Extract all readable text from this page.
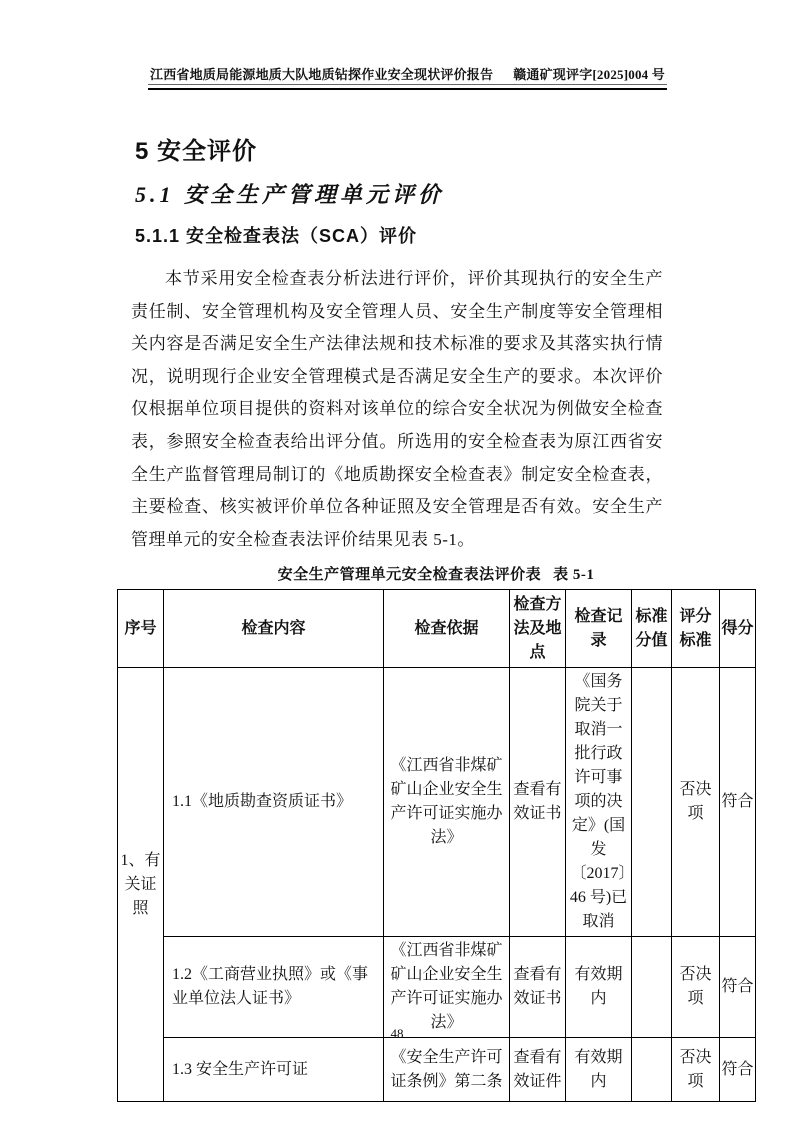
江西省地质局能源地质大队地质钻探作业安全现状评价报告 赣通矿现评字[2025]004 号
5 安全评价
5.1 安全生产管理单元评价
5.1.1 安全检查表法（SCA）评价

本节采用安全检查表分析法进行评价，评价其现执行的安全生产责任制、安全管理机构及安全管理人员、安全生产制度等安全管理相关内容是否满足安全生产法律法规和技术标准的要求及其落实执行情况，说明现行企业安全管理模式是否满足安全生产的要求。本次评价仅根据单位项目提供的资料对该单位的综合安全状况为例做安全检查表，参照安全检查表给出评分值。所选用的安全检查表为原江西省安全生产监督管理局制订的《地质勘探安全检查表》制定安全检查表，主要检查、核实被评价单位各种证照及安全管理是否有效。安全生产管理单元的安全检查表法评价结果见表 5-1。

安全生产管理单元安全检查表法评价表 表 5-1
序号	检查内容	检查依据	检查方法及地点	检查记录	标准分值	评分标准	得分
1、有关证照	1.1《地质勘查资质证书》	《江西省非煤矿矿山企业安全生产许可证实施办法》	查看有效证书	《国务院关于取消一批行政许可事项的决定》(国发〔2017〕46 号)已取消		否决项	符合
	1.2《工商营业执照》或《事业单位法人证书》	《江西省非煤矿矿山企业安全生产许可证实施办法》	查看有效证书	有效期内		否决项	符合
	1.3 安全生产许可证	《安全生产许可证条例》第二条	查看有效证件	有效期内		否决项	符合
48
